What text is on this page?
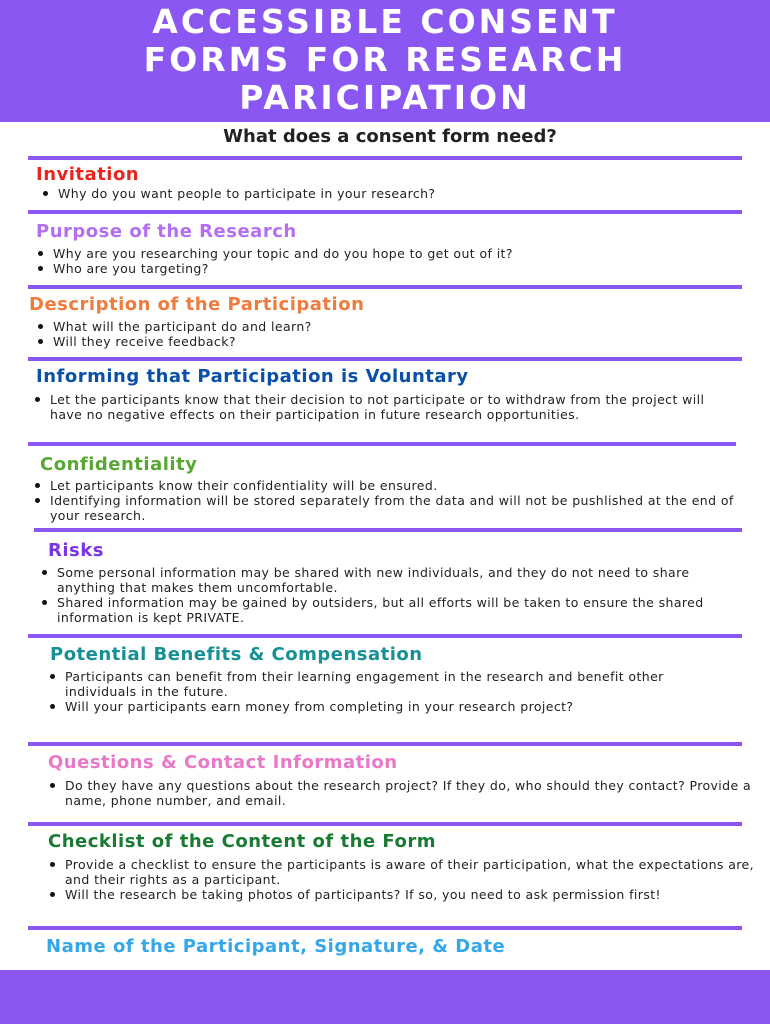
ACCESSIBLE CONSENT
FORMS FOR RESEARCH
PARICIPATION
What does a consent form need?
Invitation
Why do you want people to participate in your research?
Purpose of the Research
Why are you researching your topic and do you hope to get out of it?
Who are you targeting?
Description of the Participation
What will the participant do and learn?
Will they receive feedback?
Informing that Participation is Voluntary
Let the participants know that their decision to not participate or to withdraw from the project will have no negative effects on their participation in future research opportunities.
Confidentiality
Let participants know their confidentiality will be ensured.
Identifying information will be stored separately from the data and will not be pushlished at the end of your research.
Risks
Some personal information may be shared with new individuals, and they do not need to share anything that makes them uncomfortable.
Shared information may be gained by outsiders, but all efforts will be taken to ensure the shared information is kept PRIVATE.
Potential Benefits & Compensation
Participants can benefit from their learning engagement in the research and benefit other individuals in the future.
Will your participants earn money from completing in your research project?
Questions & Contact Information
Do they have any questions about the research project? If they do, who should they contact? Provide a name, phone number, and email.
Checklist of the Content of the Form
Provide a checklist to ensure the participants is aware of their participation, what the expectations are, and their rights as a participant.
Will the research be taking photos of participants? If so, you need to ask permission first!
Name of the Participant, Signature, & Date
